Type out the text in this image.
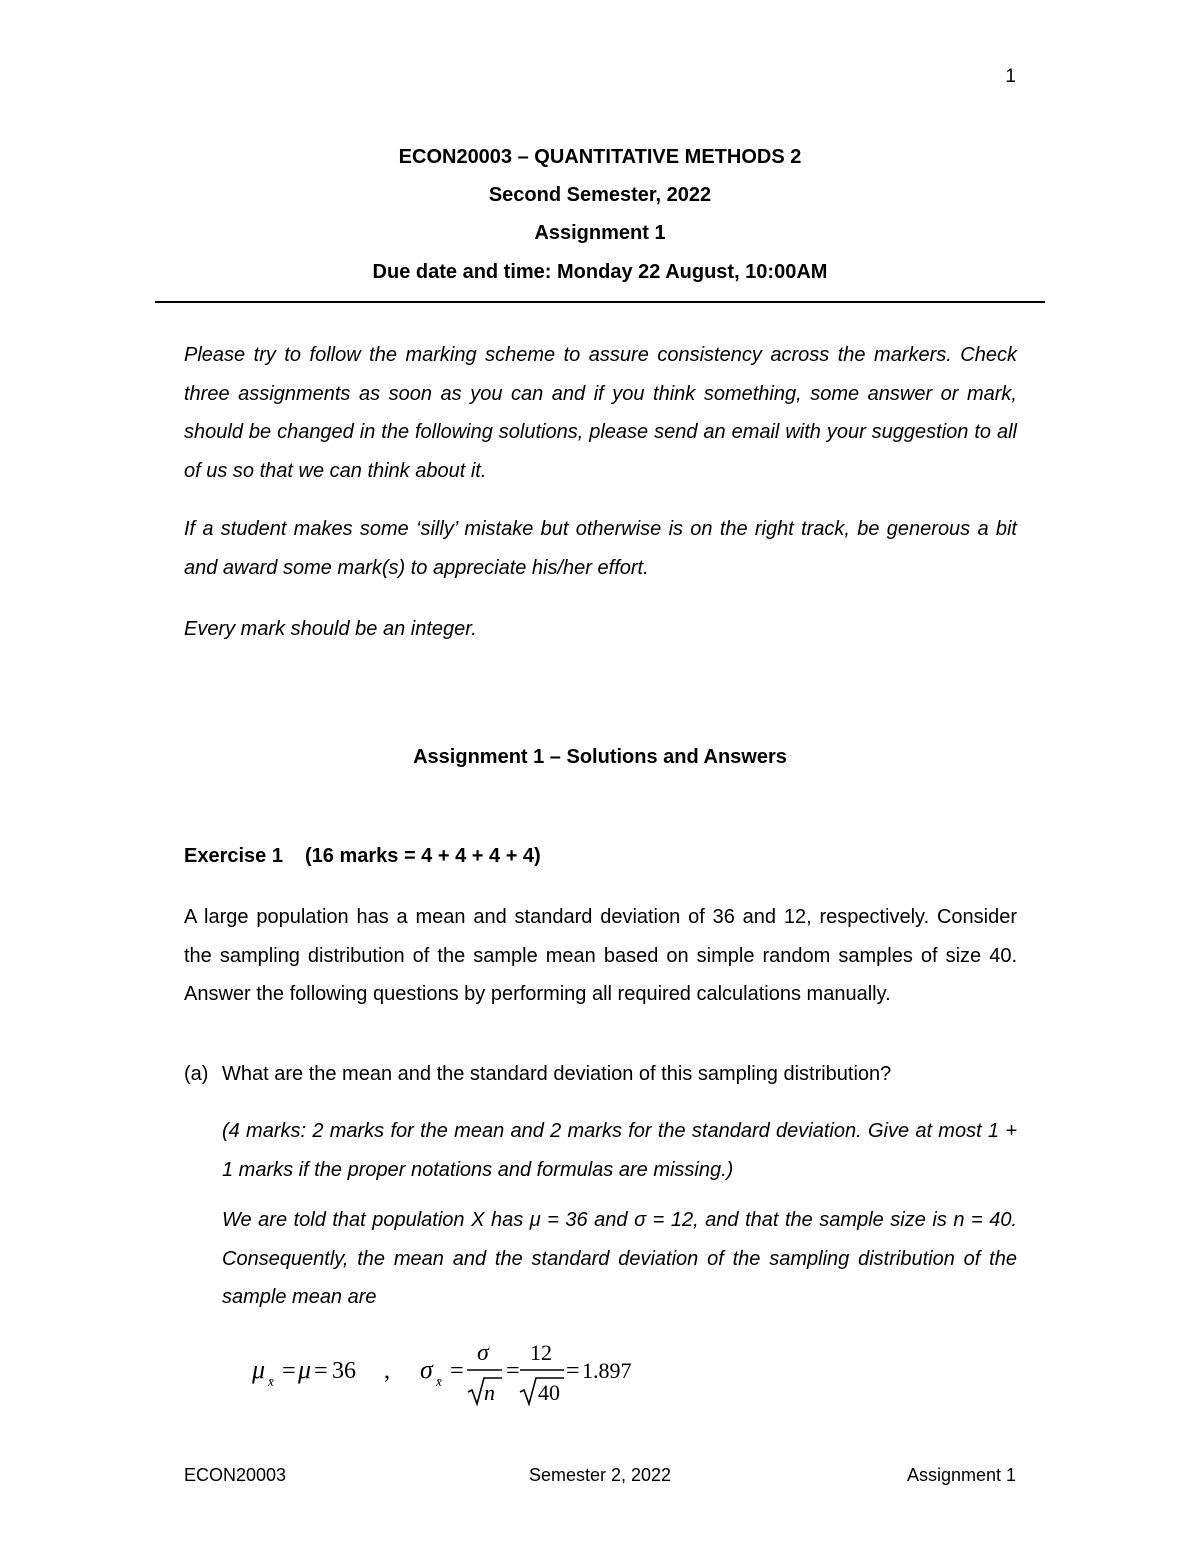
1
ECON20003 – QUANTITATIVE METHODS 2
Second Semester, 2022
Assignment 1
Due date and time: Monday 22 August, 10:00AM

Please try to follow the marking scheme to assure consistency across the markers. Check three assignments as soon as you can and if you think something, some answer or mark, should be changed in the following solutions, please send an email with your suggestion to all of us so that we can think about it.

If a student makes some ‘silly’ mistake but otherwise is on the right track, be generous a bit and award some mark(s) to appreciate his/her effort.

Every mark should be an integer.

Assignment 1 – Solutions and Answers
Exercise 1 (16 marks = 4 + 4 + 4 + 4)

A large population has a mean and standard deviation of 36 and 12, respectively. Consider the sampling distribution of the sample mean based on simple random samples of size 40. Answer the following questions by performing all required calculations manually.

(a) What are the mean and the standard deviation of this sampling distribution?

(4 marks: 2 marks for the mean and 2 marks for the standard deviation. Give at most 1 + 1 marks if the proper notations and formulas are missing.)

We are told that population X has μ = 36 and σ = 12, and that the sample size is n = 40. Consequently, the mean and the standard deviation of the sampling distribution of the sample mean are

μ x̄ = μ = 36 , σ x̄ =
σ
n
=
12
40
= 1.897
ECON20003	Semester 2, 2022	Assignment 1
